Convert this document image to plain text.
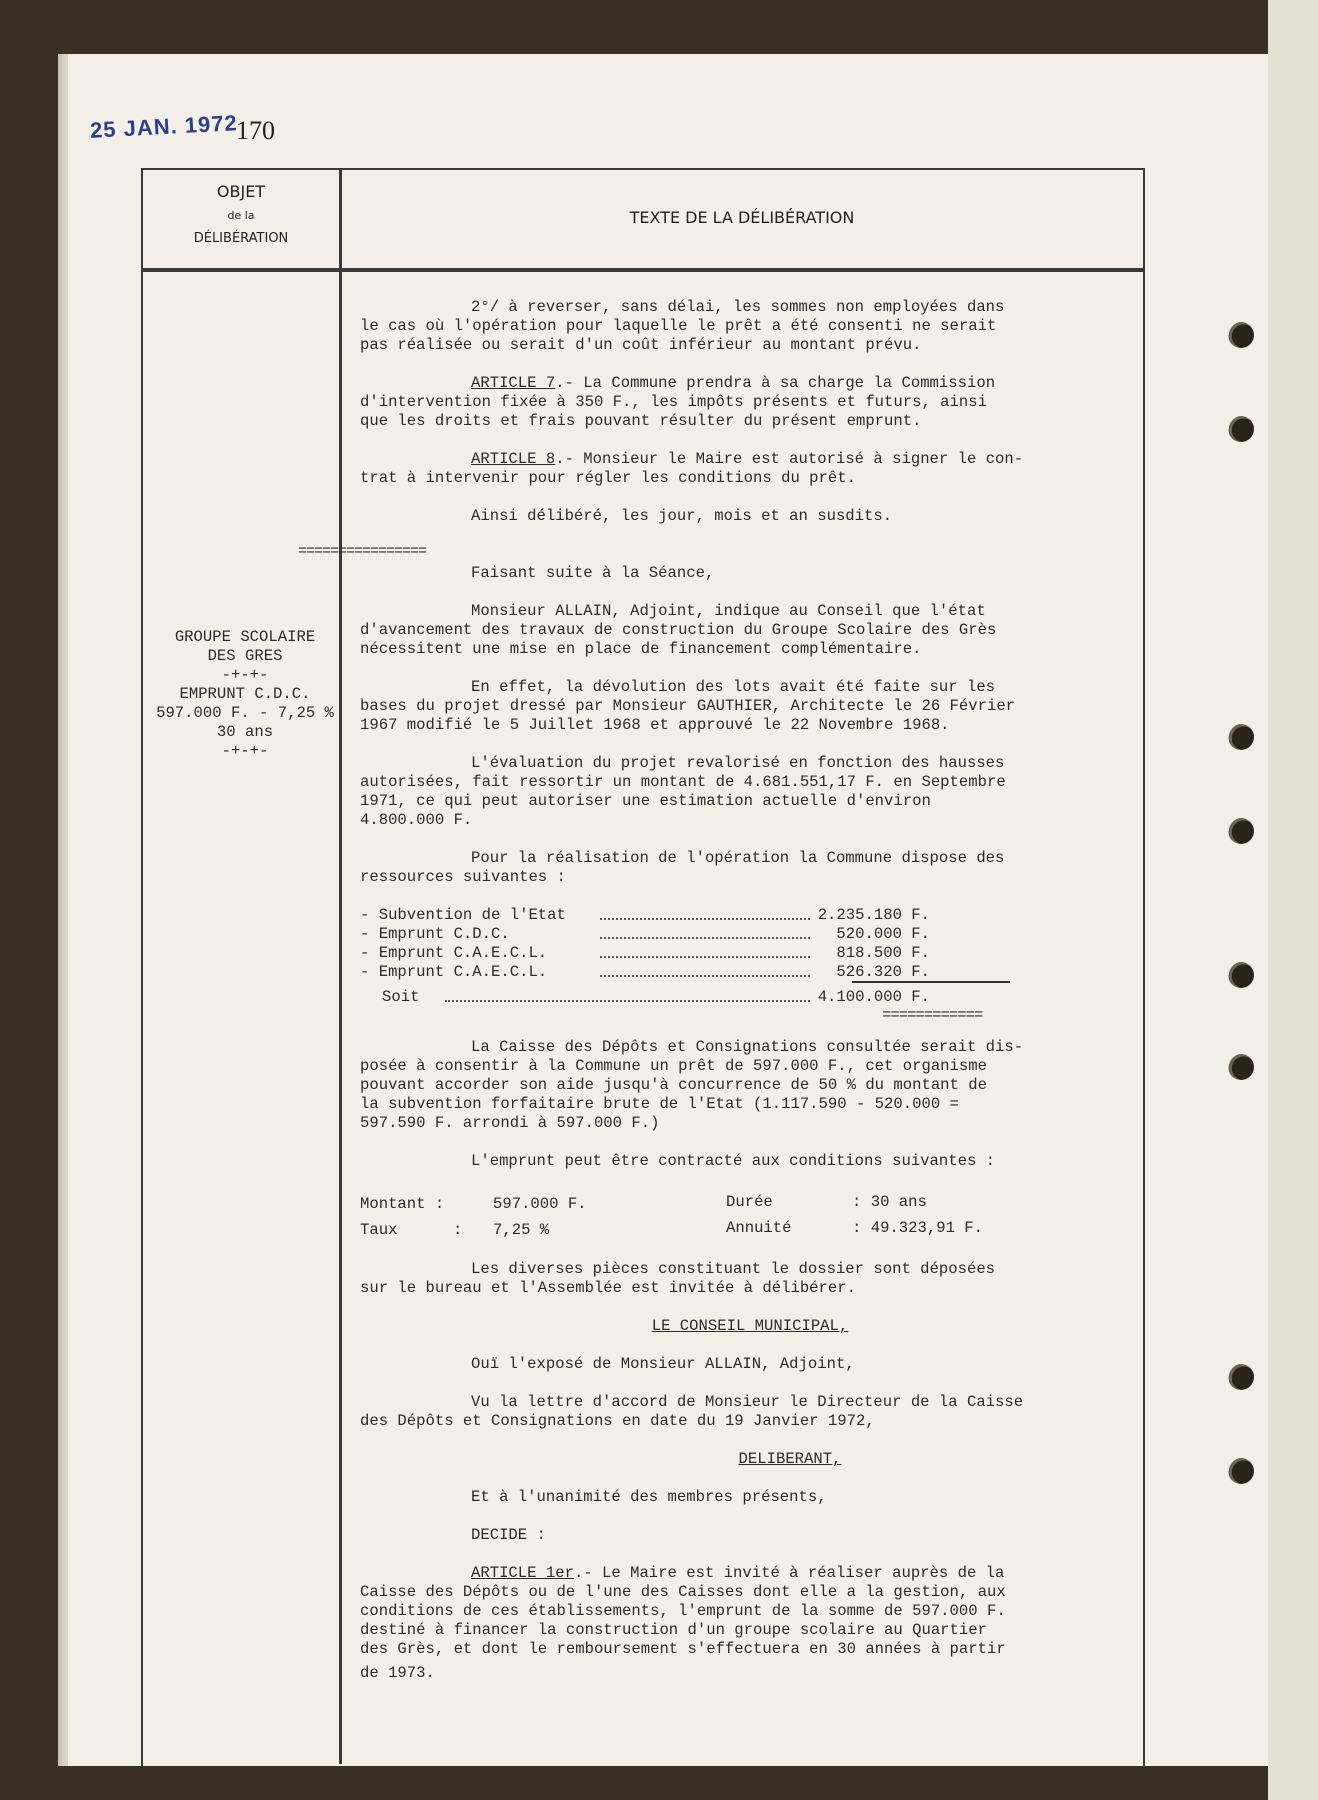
25 JAN. 1972
170
OBJET
de la
DÉLIBÉRATION
TEXTE DE LA DÉLIBÉRATION
================
GROUPE SCOLAIRE
DES GRES
-+-+-
EMPRUNT C.D.C.
597.000 F. - 7,25 %
30 ans
-+-+-

2°/ à reverser, sans délai, les sommes non employées dans
le cas où l'opération pour laquelle le prêt a été consenti ne serait
pas réalisée ou serait d'un coût inférieur au montant prévu.

ARTICLE 7.- La Commune prendra à sa charge la Commission
d'intervention fixée à 350 F., les impôts présents et futurs, ainsi
que les droits et frais pouvant résulter du présent emprunt.

ARTICLE 8.- Monsieur le Maire est autorisé à signer le con-
trat à intervenir pour régler les conditions du prêt.

Ainsi délibéré, les jour, mois et an susdits.

Faisant suite à la Séance,

Monsieur ALLAIN, Adjoint, indique au Conseil que l'état
d'avancement des travaux de construction du Groupe Scolaire des Grès
nécessitent une mise en place de financement complémentaire.

En effet, la dévolution des lots avait été faite sur les
bases du projet dressé par Monsieur GAUTHIER, Architecte le 26 Février
1967 modifié le 5 Juillet 1968 et approuvé le 22 Novembre 1968.

L'évaluation du projet revalorisé en fonction des hausses
autorisées, fait ressortir un montant de 4.681.551,17 F. en Septembre
1971, ce qui peut autoriser une estimation actuelle d'environ
4.800.000 F.

Pour la réalisation de l'opération la Commune dispose des
ressources suivantes :

- Subvention de l'Etat	2.235.180 F.
- Emprunt C.D.C.	520.000 F.
- Emprunt C.A.E.C.L.	818.500 F.
- Emprunt C.A.E.C.L.	526.320 F.
Soit	4.100.000 F.
============

La Caisse des Dépôts et Consignations consultée serait dis-
posée à consentir à la Commune un prêt de 597.000 F., cet organisme
pouvant accorder son aide jusqu'à concurrence de 50 % du montant de
la subvention forfaitaire brute de l'Etat (1.117.590 - 520.000 =
597.590 F. arrondi à 597.000 F.)

L'emprunt peut être contracté aux conditions suivantes :

Montant :	597.000 F.	Durée	: 30 ans
Taux	: 7,25 %	Annuité	: 49.323,91 F.

Les diverses pièces constituant le dossier sont déposées
sur le bureau et l'Assemblée est invitée à délibérer.

LE CONSEIL MUNICIPAL,

Ouï l'exposé de Monsieur ALLAIN, Adjoint,

Vu la lettre d'accord de Monsieur le Directeur de la Caisse
des Dépôts et Consignations en date du 19 Janvier 1972,

DELIBERANT,

Et à l'unanimité des membres présents,

DECIDE :

ARTICLE 1er.- Le Maire est invité à réaliser auprès de la
Caisse des Dépôts ou de l'une des Caisses dont elle a la gestion, aux
conditions de ces établissements, l'emprunt de la somme de 597.000 F.
destiné à financer la construction d'un groupe scolaire au Quartier
des Grès, et dont le remboursement s'effectuera en 30 années à partir
de 1973.
